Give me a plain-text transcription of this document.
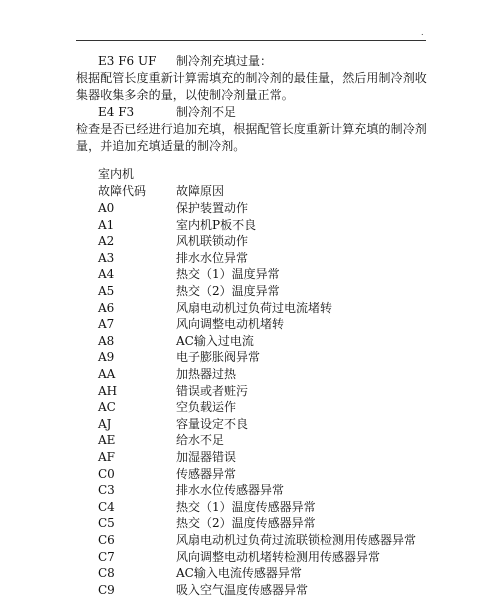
.
E3 F6 UF 制冷剂充填过量：
根据配管长度重新计算需填充的制冷剂的最佳量，然后用制冷剂收
集器收集多余的量，以使制冷剂量正常。
E4 F3	制冷剂不足
检查是否已经进行追加充填，根据配管长度重新计算充填的制冷剂
量，并追加充填适量的制冷剂。
室内机
故障代码 故障原因
A0	保护装置动作
A1	室内机P板不良
A2	风机联锁动作
A3	排水水位异常
A4	热交（1）温度异常
A5	热交（2）温度异常
A6	风扇电动机过负荷过电流堵转
A7	风向调整电动机堵转
A8	AC输入过电流
A9	电子膨胀阀异常
AA	加热器过热
AH	错误或者赃污
AC	空负载运作
AJ	容量设定不良
AE	给水不足
AF	加湿器错误
C0	传感器异常
C3	排水水位传感器异常
C4	热交（1）温度传感器异常
C5	热交（2）温度传感器异常
C6	风扇电动机过负荷过流联锁检测用传感器异常
C7	风向调整电动机堵转检测用传感器异常
C8	AC输入电流传感器异常
C9	吸入空气温度传感器异常
